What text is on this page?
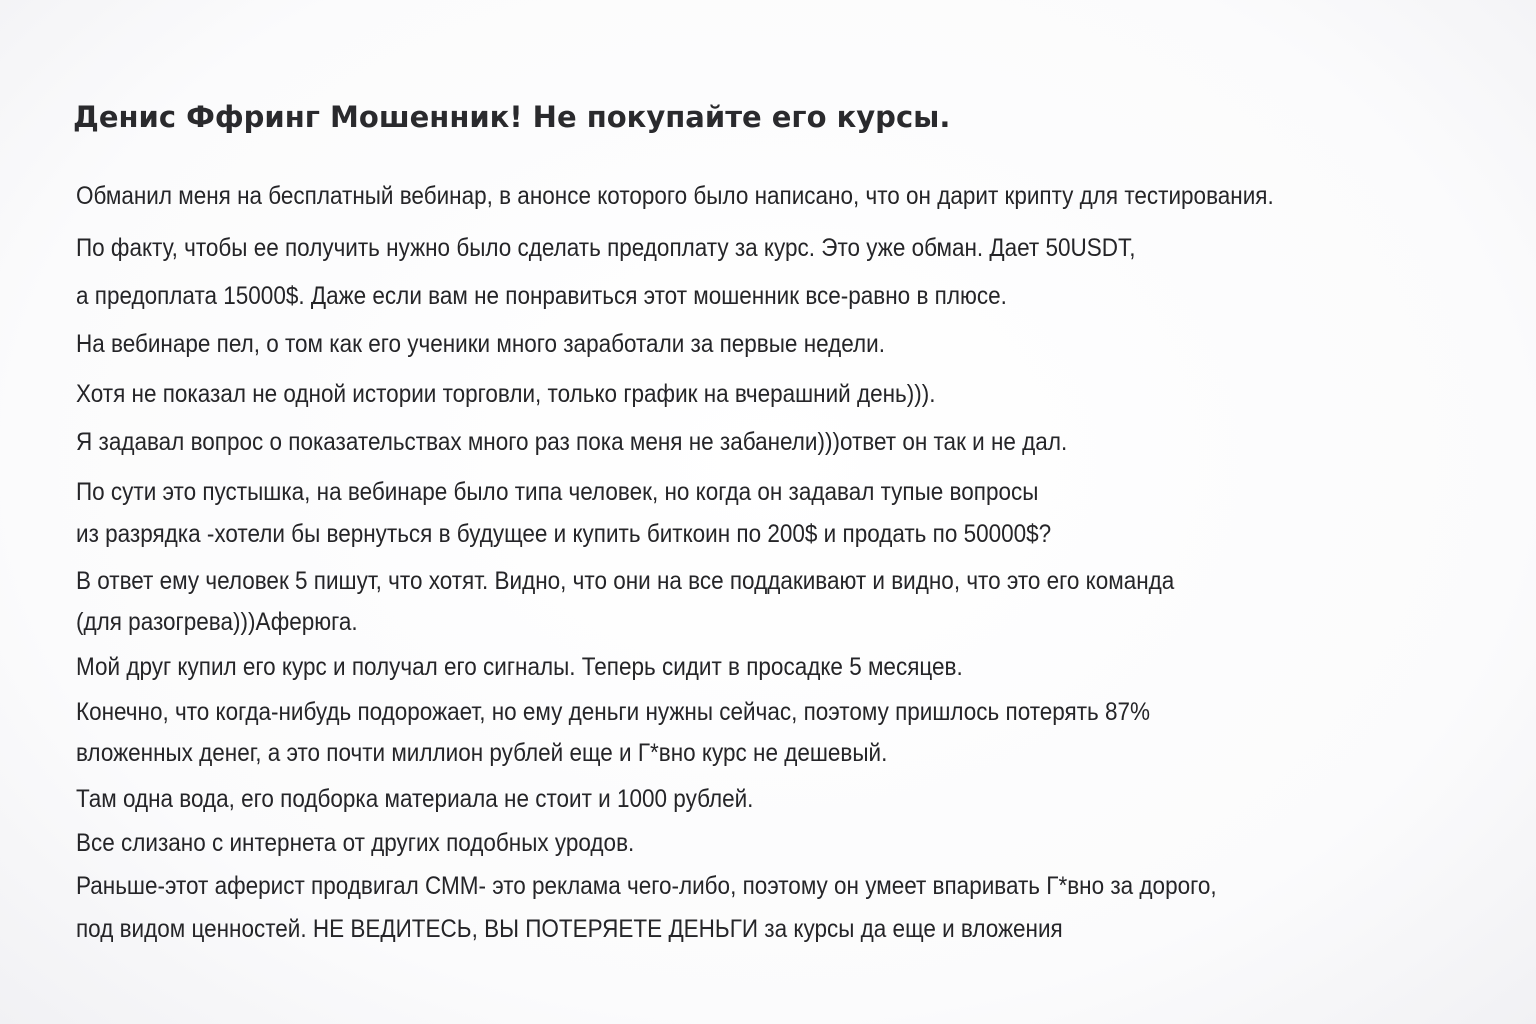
Денис Ффринг Мошенник! Не покупайте его курсы.

Обманил меня на бесплатный вебинар, в анонсе которого было написано, что он дарит крипту для тестирования.

По факту, чтобы ее получить нужно было сделать предоплату за курс. Это уже обман. Дает 50USDT,

а предоплата 15000$. Даже если вам не понравиться этот мошенник все-равно в плюсе.

На вебинаре пел, о том как его ученики много заработали за первые недели.

Хотя не показал не одной истории торговли, только график на вчерашний день))).

Я задавал вопрос о показательствах много раз пока меня не забанели)))ответ он так и не дал.

По сути это пустышка, на вебинаре было типа человек, но когда он задавал тупые вопросы

из разрядка -хотели бы вернуться в будущее и купить биткоин по 200$ и продать по 50000$?

В ответ ему человек 5 пишут, что хотят. Видно, что они на все поддакивают и видно, что это его команда

(для разогрева)))Аферюга.

Мой друг купил его курс и получал его сигналы. Теперь сидит в просадке 5 месяцев.

Конечно, что когда-нибудь подорожает, но ему деньги нужны сейчас, поэтому пришлось потерять 87%

вложенных денег, а это почти миллион рублей еще и Г*вно курс не дешевый.

Там одна вода, его подборка материала не стоит и 1000 рублей.

Все слизано с интернета от других подобных уродов.

Раньше-этот аферист продвигал СММ- это реклама чего-либо, поэтому он умеет впаривать Г*вно за дорого,

под видом ценностей. НЕ ВЕДИТЕСЬ, ВЫ ПОТЕРЯЕТЕ ДЕНЬГИ за курсы да еще и вложения
